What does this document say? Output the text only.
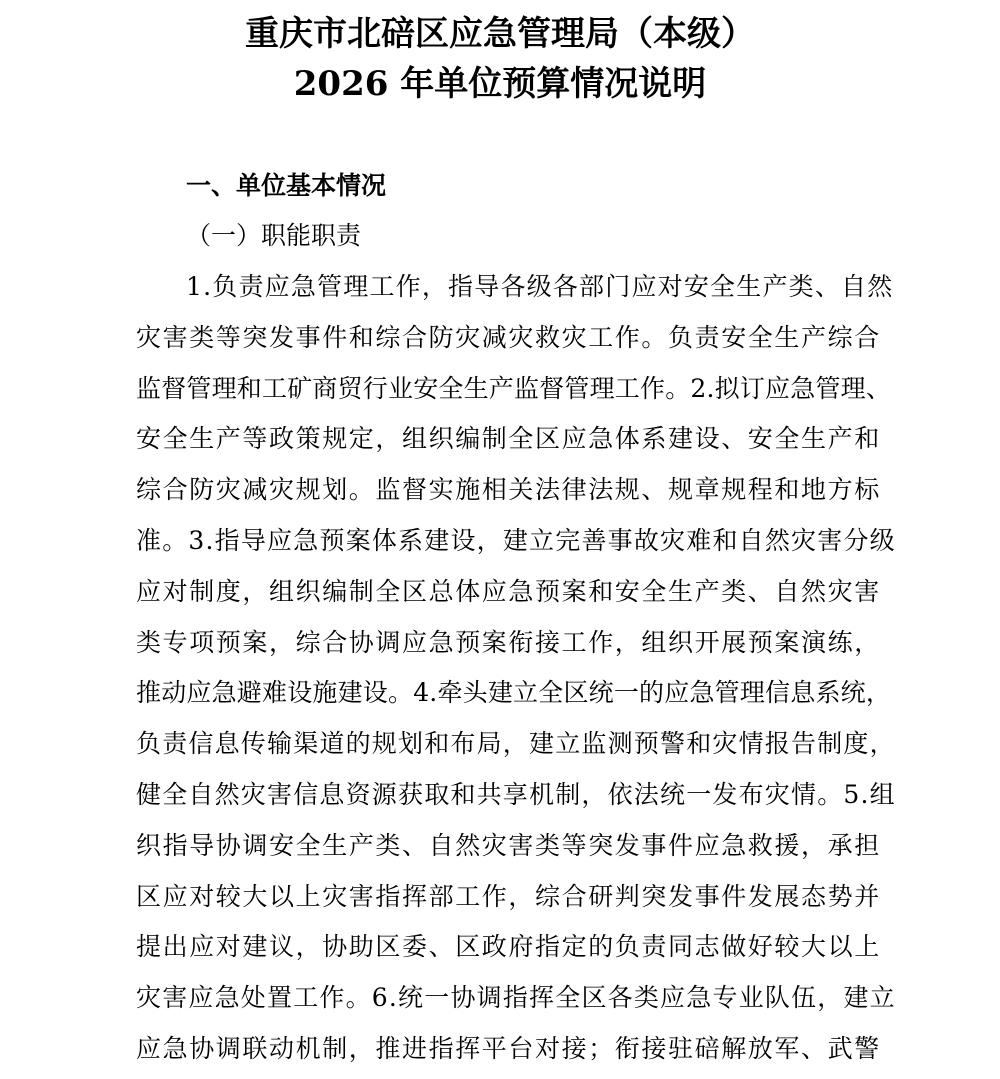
重庆市北碚区应急管理局（本级）
2026 年单位预算情况说明
一、单位基本情况
（一）职能职责
1.负责应急管理工作，指导各级各部门应对安全生产类、自然
灾害类等突发事件和综合防灾减灾救灾工作。负责安全生产综合
监督管理和工矿商贸行业安全生产监督管理工作。2.拟订应急管理、
安全生产等政策规定，组织编制全区应急体系建设、安全生产和
综合防灾减灾规划。监督实施相关法律法规、规章规程和地方标
准。3.指导应急预案体系建设，建立完善事故灾难和自然灾害分级
应对制度，组织编制全区总体应急预案和安全生产类、自然灾害
类专项预案，综合协调应急预案衔接工作，组织开展预案演练，
推动应急避难设施建设。4.牵头建立全区统一的应急管理信息系统，
负责信息传输渠道的规划和布局，建立监测预警和灾情报告制度，
健全自然灾害信息资源获取和共享机制，依法统一发布灾情。5.组
织指导协调安全生产类、自然灾害类等突发事件应急救援，承担
区应对较大以上灾害指挥部工作，综合研判突发事件发展态势并
提出应对建议，协助区委、区政府指定的负责同志做好较大以上
灾害应急处置工作。6.统一协调指挥全区各类应急专业队伍，建立
应急协调联动机制，推进指挥平台对接；衔接驻碚解放军、武警
